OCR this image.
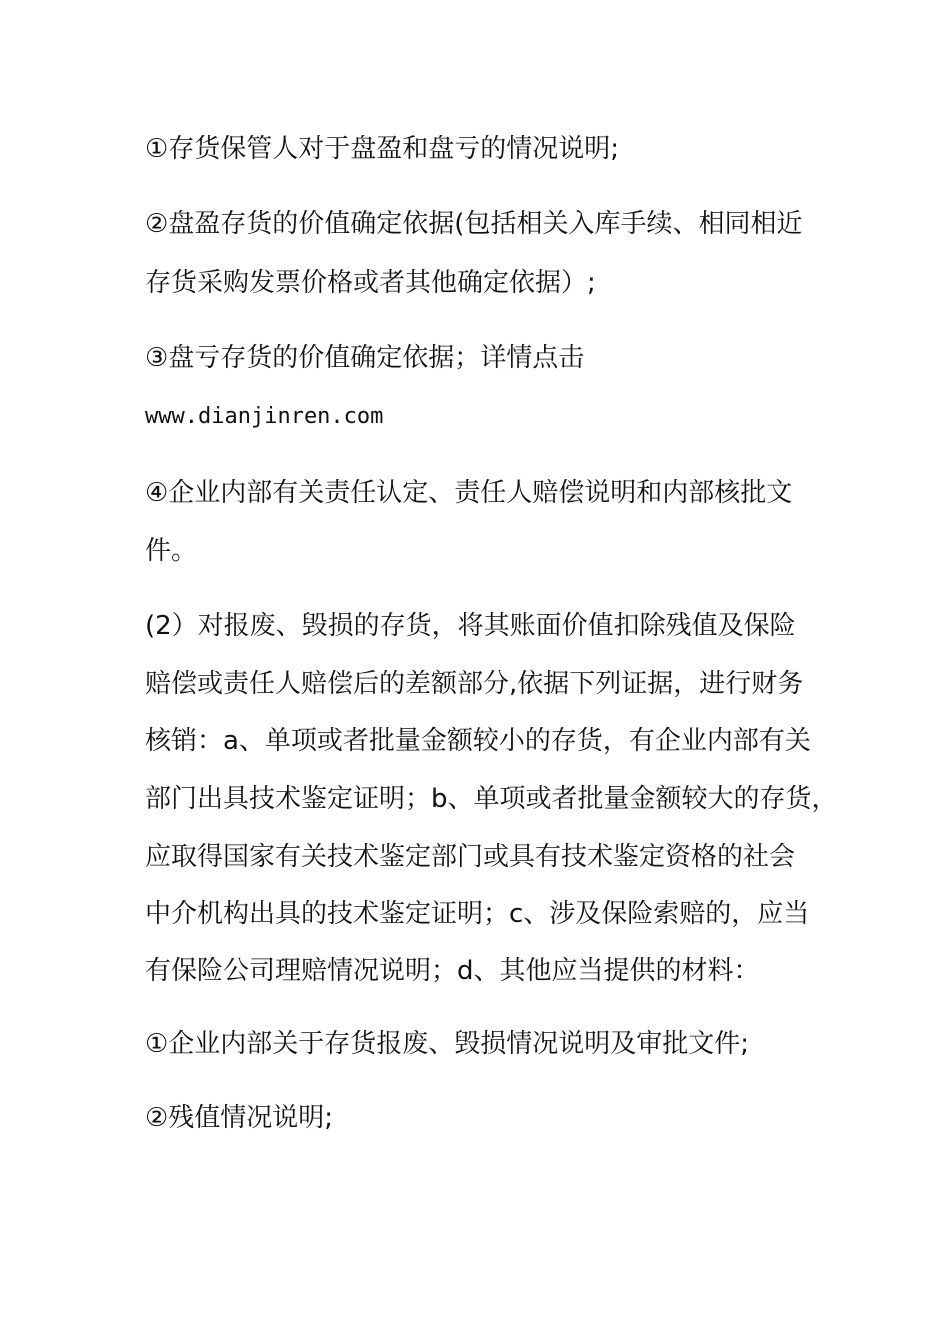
①存货保管人对于盘盈和盘亏的情况说明;
②盘盈存货的价值确定依据(包括相关入库手续、相同相近
存货采购发票价格或者其他确定依据）;
③盘亏存货的价值确定依据；详情点击
www.dianjinren.com
④企业内部有关责任认定、责任人赔偿说明和内部核批文
件。
(2）对报废、毁损的存货，将其账面价值扣除残值及保险
赔偿或责任人赔偿后的差额部分,依据下列证据，进行财务
核销：a、单项或者批量金额较小的存货，有企业内部有关
部门出具技术鉴定证明；b、单项或者批量金额较大的存货，
应取得国家有关技术鉴定部门或具有技术鉴定资格的社会
中介机构出具的技术鉴定证明；c、涉及保险索赔的，应当
有保险公司理赔情况说明；d、其他应当提供的材料：
①企业内部关于存货报废、毁损情况说明及审批文件;
②残值情况说明;
